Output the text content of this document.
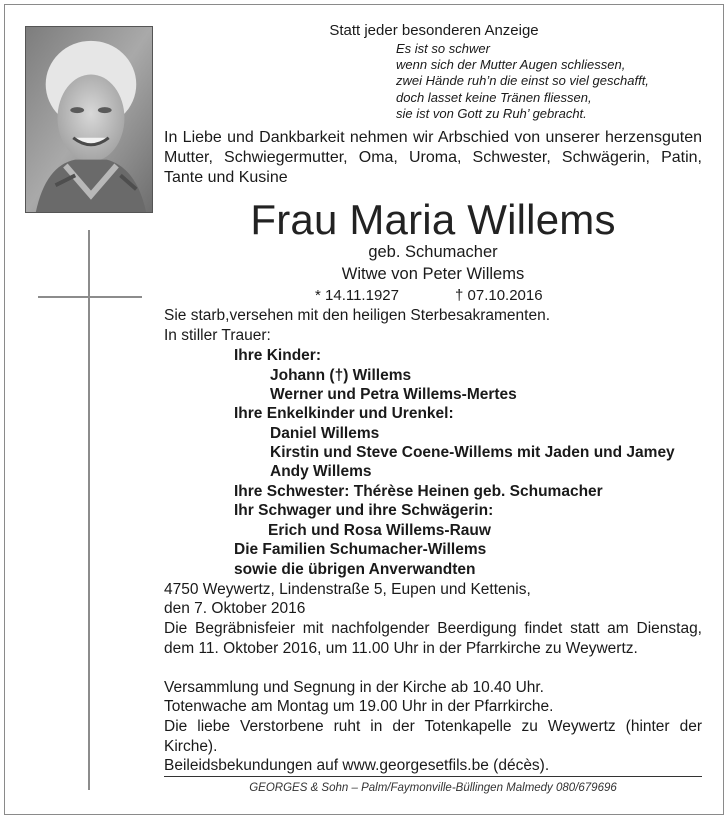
Statt jeder besonderen Anzeige
Es ist so schwer
wenn sich der Mutter Augen schliessen,
zwei Hände ruh’n die einst so viel geschafft,
doch lasset keine Tränen fliessen,
sie ist von Gott zu Ruh’ gebracht.
In Liebe und Dankbarkeit nehmen wir Arbschied von unserer herzensguten Mutter, Schwiegermutter, Oma, Uroma, Schwester, Schwägerin, Patin, Tante und Kusine
Frau Maria Willems
geb. Schumacher
Witwe von Peter Willems
* 14.11.1927	† 07.10.2016
Sie starb,versehen mit den heiligen Sterbesakramenten.
In stiller Trauer:
Ihre Kinder:
Johann (†) Willems
Werner und Petra Willems-Mertes
Ihre Enkelkinder und Urenkel:
Daniel Willems
Kirstin und Steve Coene-Willems mit Jaden und Jamey
Andy Willems
Ihre Schwester: Thérèse Heinen geb. Schumacher
Ihr Schwager und ihre Schwägerin:
Erich und Rosa Willems-Rauw
Die Familien Schumacher-Willems
sowie die übrigen Anverwandten
4750 Weywertz, Lindenstraße 5, Eupen und Kettenis,
den 7. Oktober 2016
Die Begräbnisfeier mit nachfolgender Beerdigung findet statt am Dienstag, dem 11. Oktober 2016, um 11.00 Uhr in der Pfarrkirche zu Weywertz.
Versammlung und Segnung in der Kirche ab 10.40 Uhr.
Totenwache am Montag um 19.00 Uhr in der Pfarrkirche.
Die liebe Verstorbene ruht in der Totenkapelle zu Weywertz (hinter der Kirche).
Beileidsbekundungen auf www.georgesetfils.be (décès).
GEORGES & Sohn – Palm/Faymonville-Büllingen Malmedy 080/679696
